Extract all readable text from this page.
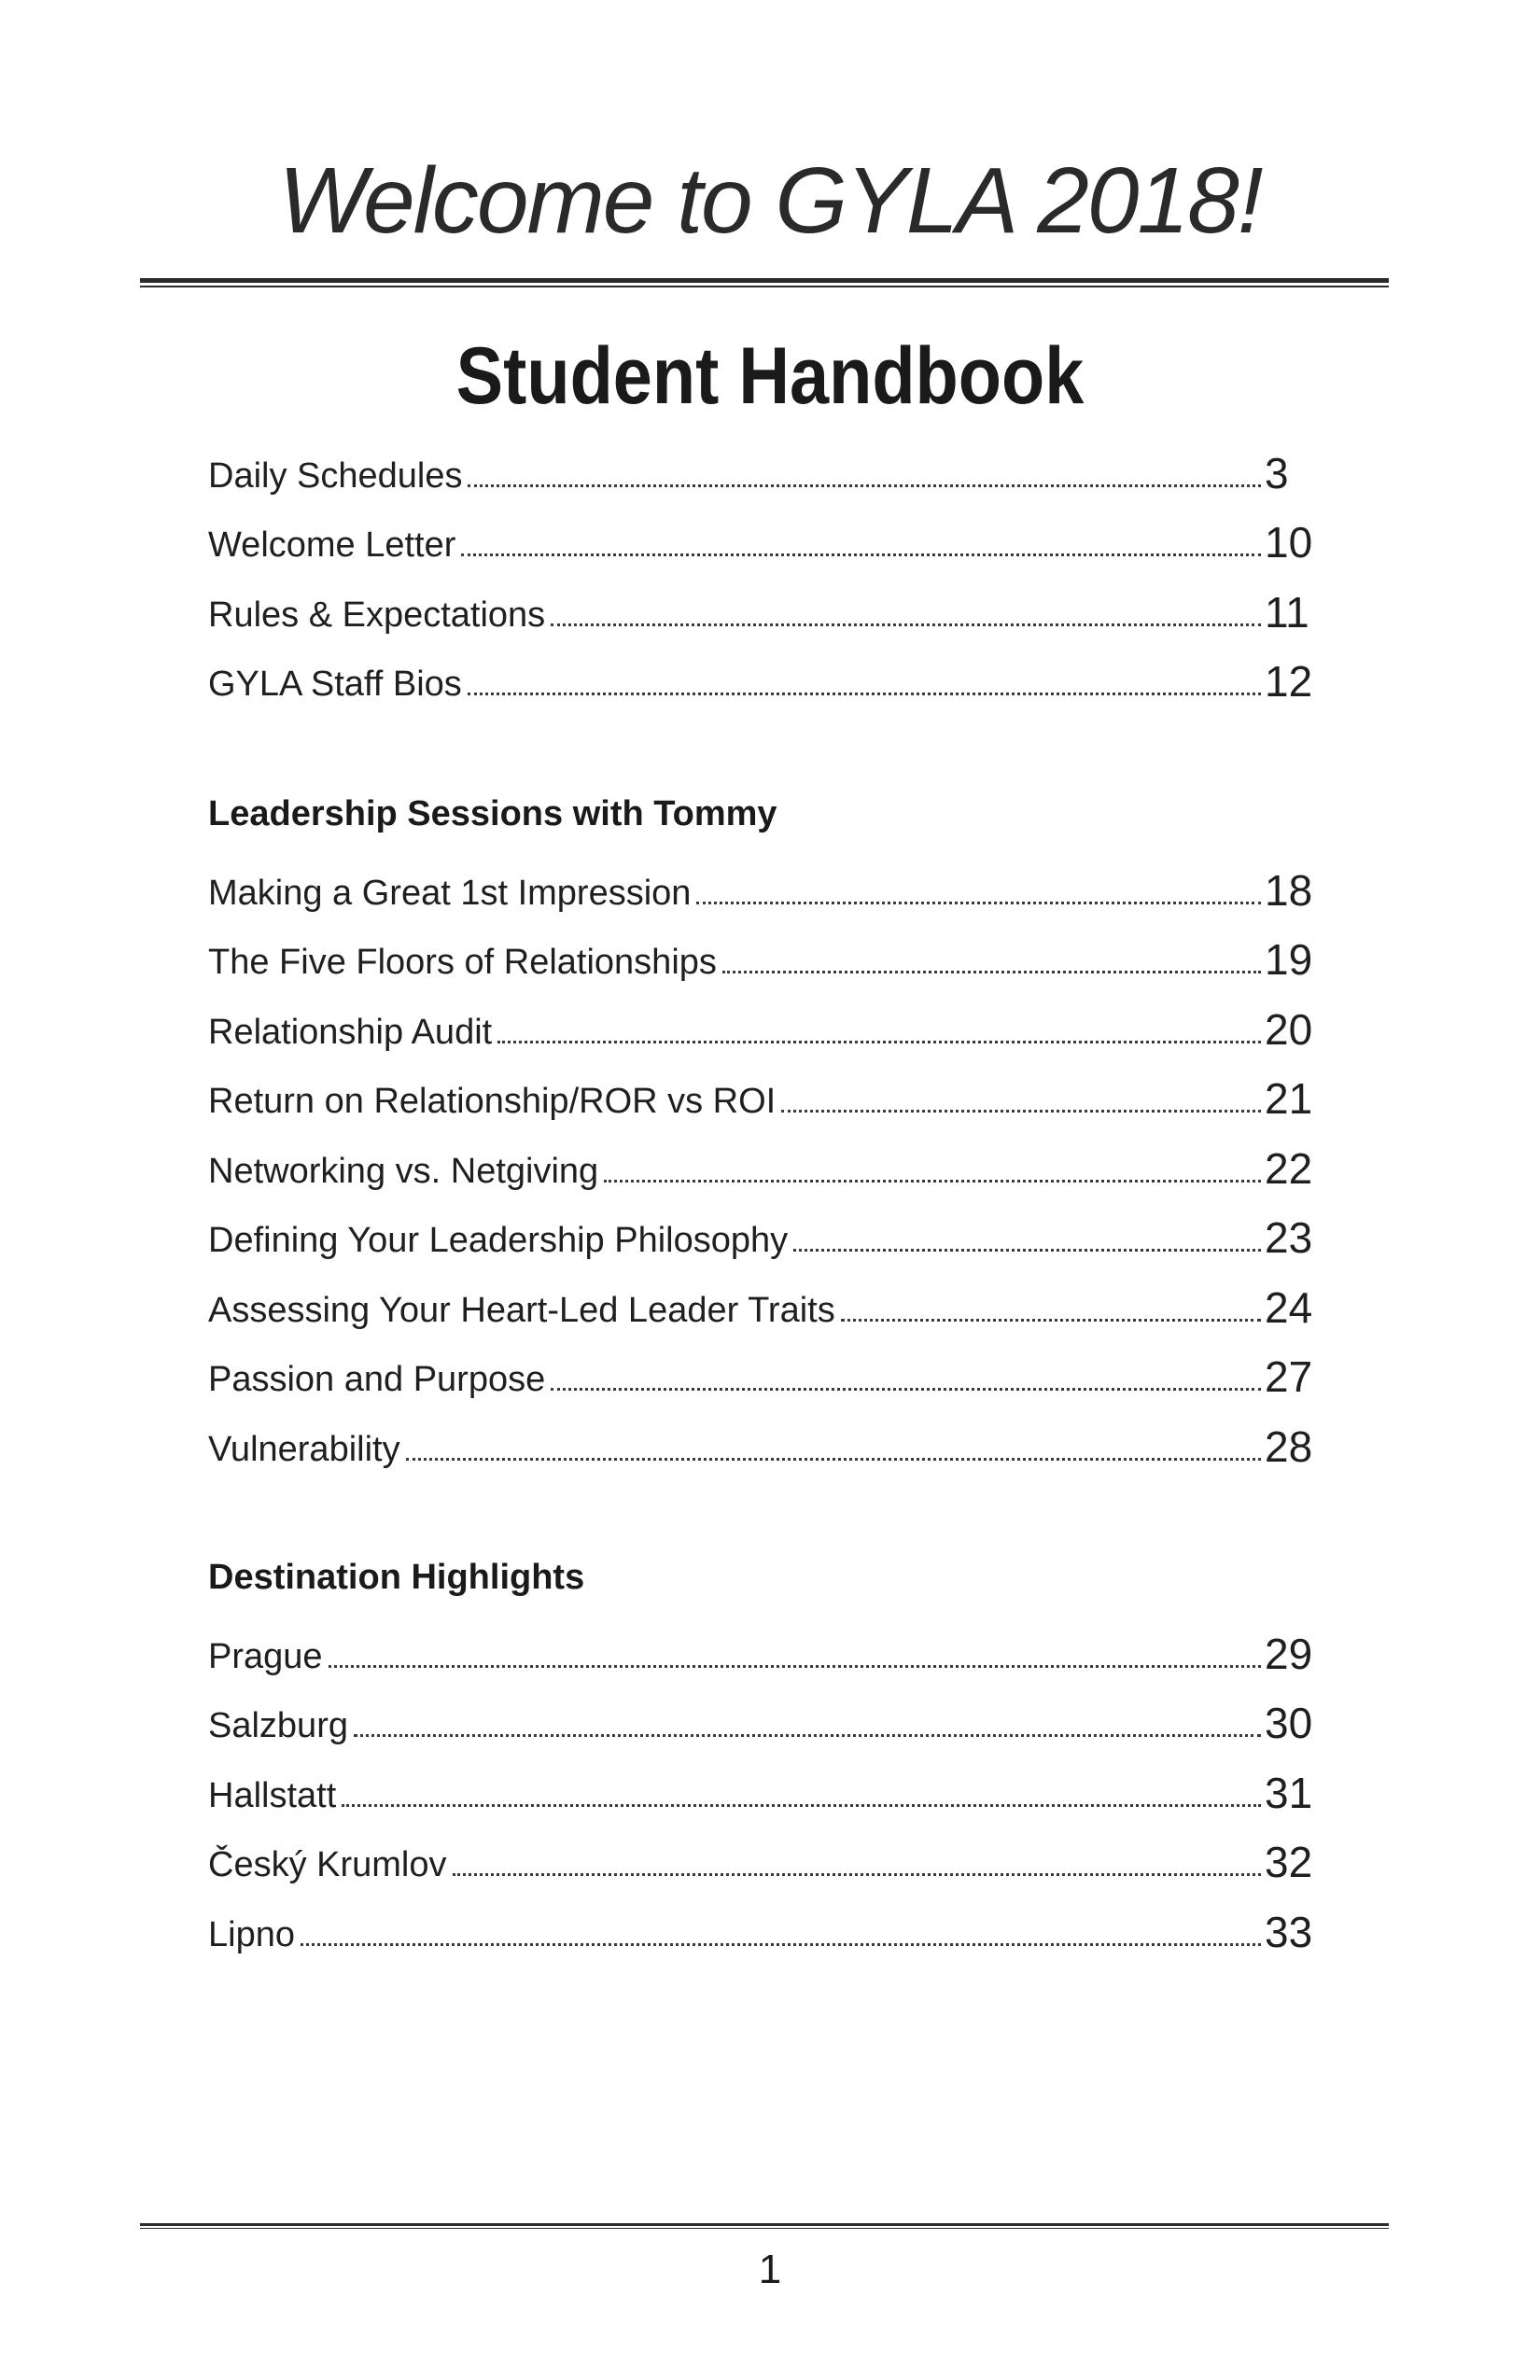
Welcome to GYLA 2018!
Student Handbook
Daily Schedules	3
Welcome Letter	10
Rules & Expectations	11
GYLA Staff Bios	12
Leadership Sessions with Tommy
Making a Great 1st Impression	18
The Five Floors of Relationships	19
Relationship Audit	20
Return on Relationship/ROR vs ROI	21
Networking vs. Netgiving	22
Defining Your Leadership Philosophy	23
Assessing Your Heart-Led Leader Traits	24
Passion and Purpose	27
Vulnerability	28
Destination Highlights
Prague	29
Salzburg	30
Hallstatt	31
Český Krumlov	32
Lipno	33
1
